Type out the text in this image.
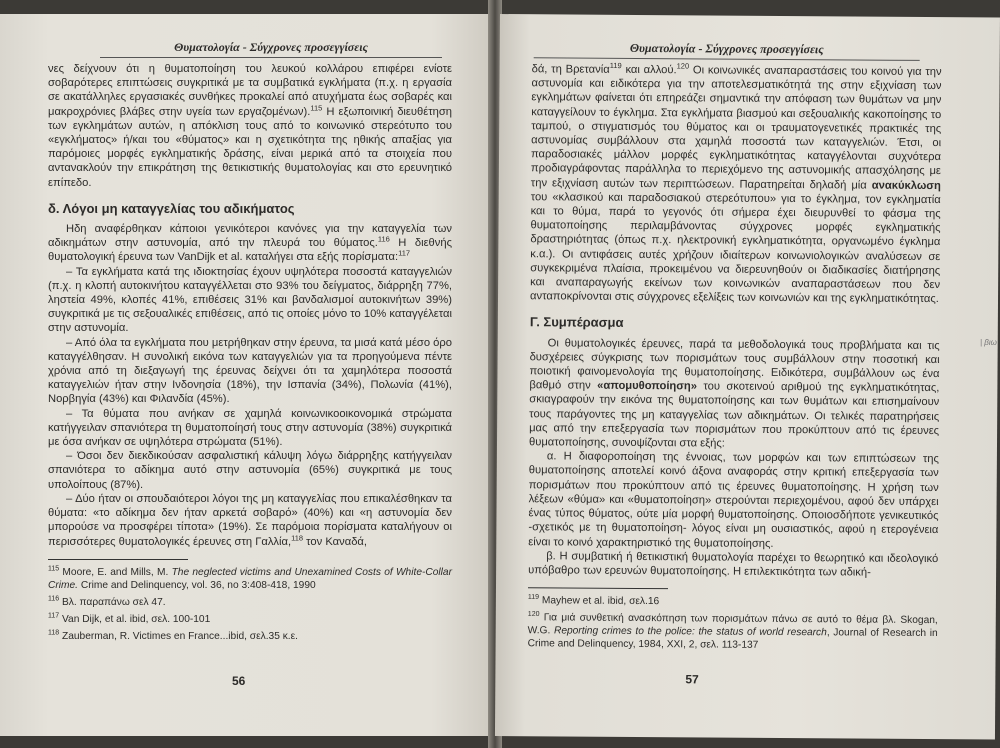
Θυματολογία - Σύγχρονες προσεγγίσεις

νες δείχνουν ότι η θυματοποίηση του λευκού κολλάρου επιφέρει ενίοτε σοβαρότερες επιπτώσεις συγκριτικά με τα συμβατικά εγκλήματα (π.χ. η εργασία σε ακατάλληλες εργασιακές συνθήκες προκαλεί από ατυχήματα έως σοβαρές και μακροχρόνιες βλάβες στην υγεία των εργαζομένων).$^{115}$ Η εξωποινική διευθέτηση των εγκλημάτων αυτών, η απόκλιση τους από το κοινωνικό στερεότυπο του «εγκλήματος» ή/και του «θύματος» και η σχετικότητα της ηθικής απαξίας για παρόμοιες μορφές εγκληματικής δράσης, είναι μερικά από τα στοιχεία που αντανακλούν την επικράτηση της θετικιστικής θυματολογίας και στο ερευνητικό επίπεδο.

δ. Λόγοι μη καταγγελίας του αδικήματος

Ηδη αναφέρθηκαν κάποιοι γενικότεροι κανόνες για την καταγγελία των αδικημάτων στην αστυνομία, από την πλευρά του θύματος.$^{116}$ Η διεθνής θυματολογική έρευνα των VanDijk et al. καταλήγει στα εξής πορίσματα:$^{117}$

– Τα εγκλήματα κατά της ιδιοκτησίας έχουν υψηλότερα ποσοστά καταγγελιών (π.χ. η κλοπή αυτοκινήτου καταγγέλλεται στο 93% του δείγματος, διάρρηξη 77%, ληστεία 49%, κλοπές 41%, επιθέσεις 31% και βανδαλισμοί αυτοκινήτων 39%) συγκριτικά με τις σεξουαλικές επιθέσεις, από τις οποίες μόνο το 10% καταγγέλεται στην αστυνομία.

– Από όλα τα εγκλήματα που μετρήθηκαν στην έρευνα, τα μισά κατά μέσο όρο καταγγέλθησαν. Η συνολική εικόνα των καταγγελιών για τα προηγούμενα πέντε χρόνια από τη διεξαγωγή της έρευνας δείχνει ότι τα χαμηλότερα ποσοστά καταγγελιών ήταν στην Ινδονησία (18%), την Ισπανία (34%), Πολωνία (41%), Νορβηγία (43%) και Φιλανδία (45%).

– Τα θύματα που ανήκαν σε χαμηλά κοινωνικοοικονομικά στρώματα κατήγγειλαν σπανιότερα τη θυματοποίησή τους στην αστυνομία (38%) συγκριτικά με όσα ανήκαν σε υψηλότερα στρώματα (51%).

– Όσοι δεν διεκδικούσαν ασφαλιστική κάλυψη λόγω διάρρηξης κατήγγειλαν σπανιότερα το αδίκημα αυτό στην αστυνομία (65%) συγκριτικά με τους υπολοίπους (87%).

– Δύο ήταν οι σπουδαιότεροι λόγοι της μη καταγγελίας που επικαλέσθηκαν τα θύματα: «το αδίκημα δεν ήταν αρκετά σοβαρό» (40%) και «η αστυνομία δεν μπορούσε να προσφέρει τίποτα» (19%). Σε παρόμοια πορίσματα καταλήγουν οι περισσότερες θυματολογικές έρευνες στη Γαλλία,$^{118}$ τον Καναδά,

$^{115}$ Moore, E. and Mills, M. The neglected victims and Unexamined Costs of White-Collar Crime. Crime and Delinquency, vol. 36, no 3:408-418, 1990
$^{116}$ Βλ. παραπάνω σελ 47.
$^{117}$ Van Dijk, et al. ibid, σελ. 100-101
$^{118}$ Zauberman, R. Victimes en France...ibid, σελ.35 κ.ε.
56
Θυματολογία - Σύγχρονες προσεγγίσεις

δά, τη Βρετανία$^{119}$ και αλλού.$^{120}$ Οι κοινωνικές αναπαραστάσεις του κοινού για την αστυνομία και ειδικότερα για την αποτελεσματικότητά της στην εξιχνίαση των εγκλημάτων φαίνεται ότι επηρεάζει σημαντικά την απόφαση των θυμάτων να μην καταγγείλουν το έγκλημα. Στα εγκλήματα βιασμού και σεξουαλικής κακοποίησης το ταμπού, ο στιγματισμός του θύματος και οι τραυματογενετικές πρακτικές της αστυνομίας συμβάλλουν στα χαμηλά ποσοστά των καταγγελιών. Έτσι, οι παραδοσιακές μάλλον μορφές εγκληματικότητας καταγγέλονται συχνότερα προδιαγράφοντας παράλληλα το περιεχόμενο της αστυνομικής απασχόλησης με την εξιχνίαση αυτών των περιπτώσεων. Παρατηρείται δηλαδή μία ανακύκλωση του «κλασικού και παραδοσιακού στερεότυπου» για το έγκλημα, τον εγκληματία και το θύμα, παρά το γεγονός ότι σήμερα έχει διευρυνθεί το φάσμα της θυματοποίησης περιλαμβάνοντας σύγχρονες μορφές εγκληματικής δραστηριότητας (όπως π.χ. ηλεκτρονική εγκληματικότητα, οργανωμένο έγκλημα κ.α.). Οι αντιφάσεις αυτές χρήζουν ιδιαίτερων κοινωνιολογικών αναλύσεων σε συγκεκριμένα πλαίσια, προκειμένου να διερευνηθούν οι διαδικασίες διατήρησης και αναπαραγωγής εκείνων των κοινωνικών αναπαραστάσεων που δεν ανταποκρίνονται στις σύγχρονες εξελίξεις των κοινωνιών και της εγκληματικότητας.

Γ. Συμπέρασμα

Οι θυματολογικές έρευνες, παρά τα μεθοδολογικά τους προβλήματα και τις δυσχέρειες σύγκρισης των πορισμάτων τους συμβάλλουν στην ποσοτική και ποιοτική φαινομενολογία της θυματοποίησης. Ειδικότερα, συμβάλλουν ως ένα βαθμό στην «απομυθοποίηση» του σκοτεινού αριθμού της εγκληματικότητας, σκιαγραφούν την εικόνα της θυματοποίησης και των θυμάτων και επισημαίνουν τους παράγοντες της μη καταγγελίας των αδικημάτων. Οι τελικές παρατηρήσεις μας από την επεξεργασία των πορισμάτων που προκύπτουν από τις έρευνες θυματοποίησης, συνοψίζονται στα εξής:

α. Η διαφοροποίηση της έννοιας, των μορφών και των επιπτώσεων της θυματοποίησης αποτελεί κοινό άξονα αναφοράς στην κριτική επεξεργασία των πορισμάτων που προκύπτουν από τις έρευνες θυματοποίησης. Η χρήση των λέξεων «θύμα» και «θυματοποίηση» στερούνται περιεχομένου, αφού δεν υπάρχει ένας τύπος θύματος, ούτε μία μορφή θυματοποίησης. Οποιοσδήποτε γενικευτικός -σχετικός με τη θυματοποίηση- λόγος είναι μη ουσιαστικός, αφού η ετερογένεια είναι το κοινό χαρακτηριστικό της θυματοποίησης.

β. Η συμβατική ή θετικιστική θυματολογία παρέχει το θεωρητικό και ιδεολογικό υπόβαθρο των ερευνών θυματοποίησης. Η επιλεκτικότητα των αδική-

$^{119}$ Mayhew et al. ibid, σελ.16
$^{120}$ Για μιά συνθετική ανασκόπηση των πορισμάτων πάνω σε αυτό το θέμα βλ. Skogan, W.G. Reporting crimes to the police: the status of world research, Journal of Research in Crime and Delinquency, 1984, XXI, 2, σελ. 113-137
57
| βιω
